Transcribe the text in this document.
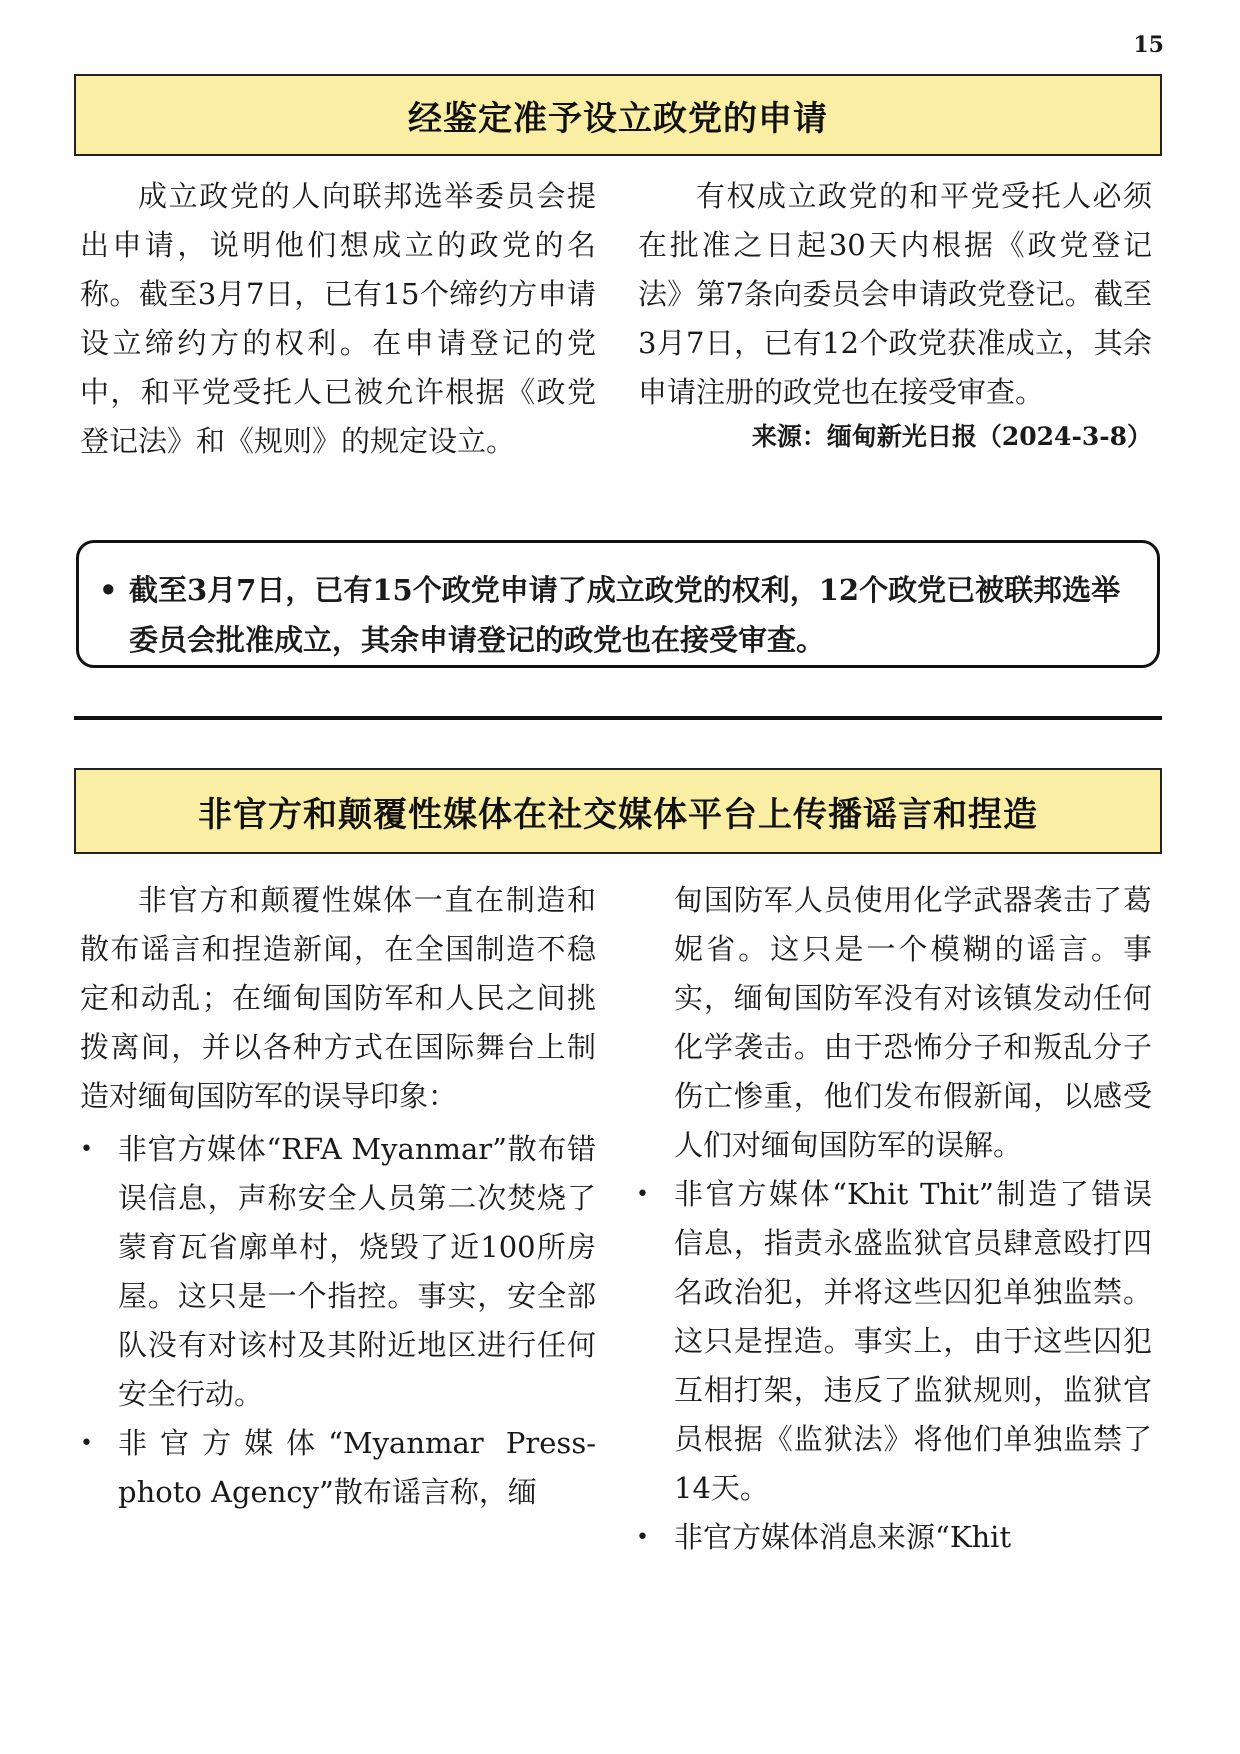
15
经鉴定准予设立政党的申请

成立政党的人向联邦选举委员会提出申请，说明他们想成立的政党的名称。截至3月7日，已有15个缔约方申请设立缔约方的权利。在申请登记的党中，和平党受托人已被允许根据《政党登记法》和《规则》的规定设立。

有权成立政党的和平党受托人必须在批准之日起30天内根据《政党登记法》第7条向委员会申请政党登记。截至3月7日，已有12个政党获准成立，其余申请注册的政党也在接受审查。

来源：缅甸新光日报（2024-3-8）

• 截至3月7日，已有15个政党申请了成立政党的权利，12个政党已被联邦选举委员会批准成立，其余申请登记的政党也在接受审查。
非官方和颠覆性媒体在社交媒体平台上传播谣言和捏造

非官方和颠覆性媒体一直在制造和散布谣言和捏造新闻，在全国制造不稳定和动乱；在缅甸国防军和人民之间挑拨离间，并以各种方式在国际舞台上制造对缅甸国防军的误导印象：

• 非官方媒体“RFA Myanmar”散布错误信息，声称安全人员第二次焚烧了蒙育瓦省廓单村，烧毁了近100所房屋。这只是一个指控。事实，安全部队没有对该村及其附近地区进行任何安全行动。
• 非官方媒体“Myanmar Press-photo Agency”散布谣言称，缅
甸国防军人员使用化学武器袭击了葛妮省。这只是一个模糊的谣言。事实，缅甸国防军没有对该镇发动任何化学袭击。由于恐怖分子和叛乱分子伤亡惨重，他们发布假新闻，以感受人们对缅甸国防军的误解。
• 非官方媒体“Khit Thit”制造了错误信息，指责永盛监狱官员肆意殴打四名政治犯，并将这些囚犯单独监禁。这只是捏造。事实上，由于这些囚犯互相打架，违反了监狱规则，监狱官员根据《监狱法》将他们单独监禁了14天。
• 非官方媒体消息来源“Khit
